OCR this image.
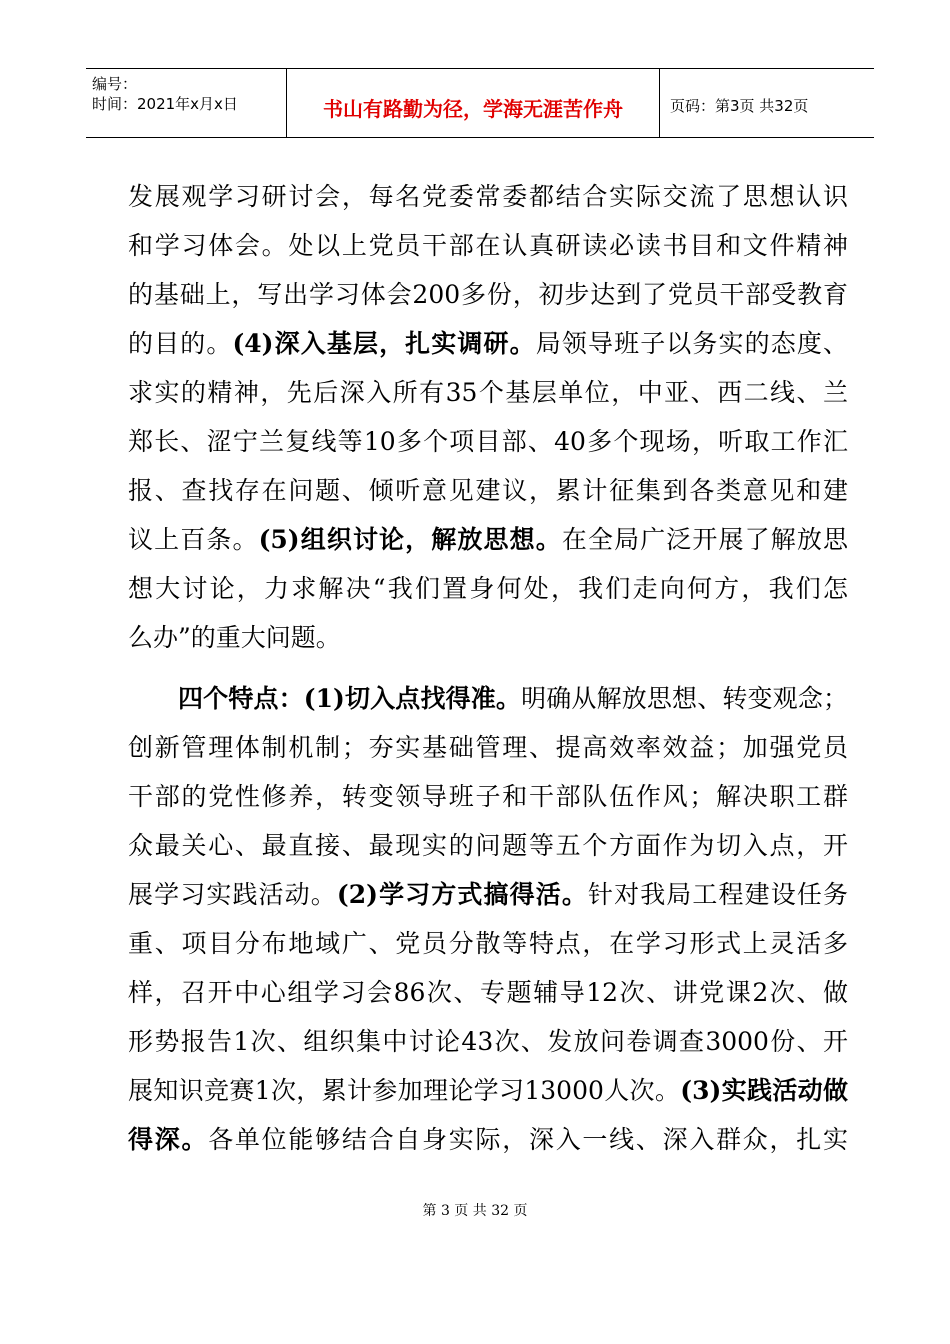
编号：
时间：2021年x月x日	书山有路勤为径，学海无涯苦作舟	页码：第3页 共32页
发展观学习研讨会，每名党委常委都结合实际交流了思想认识
和学习体会。处以上党员干部在认真研读必读书目和文件精神
的基础上，写出学习体会200多份，初步达到了党员干部受教育
的目的。(4)深入基层，扎实调研。局领导班子以务实的态度、
求实的精神，先后深入所有35个基层单位，中亚、西二线、兰
郑长、涩宁兰复线等10多个项目部、40多个现场，听取工作汇
报、查找存在问题、倾听意见建议，累计征集到各类意见和建
议上百条。(5)组织讨论，解放思想。在全局广泛开展了解放思
想大讨论，力求解决“我们置身何处，我们走向何方，我们怎
么办”的重大问题。
四个特点：(1)切入点找得准。明确从解放思想、转变观念；
创新管理体制机制；夯实基础管理、提高效率效益；加强党员
干部的党性修养，转变领导班子和干部队伍作风；解决职工群
众最关心、最直接、最现实的问题等五个方面作为切入点，开
展学习实践活动。(2)学习方式搞得活。针对我局工程建设任务
重、项目分布地域广、党员分散等特点，在学习形式上灵活多
样，召开中心组学习会86次、专题辅导12次、讲党课2次、做
形势报告1次、组织集中讨论43次、发放问卷调查3000份、开
展知识竞赛1次，累计参加理论学习13000人次。(3)实践活动做
得深。各单位能够结合自身实际，深入一线、深入群众，扎实
第 3 页 共 32 页
